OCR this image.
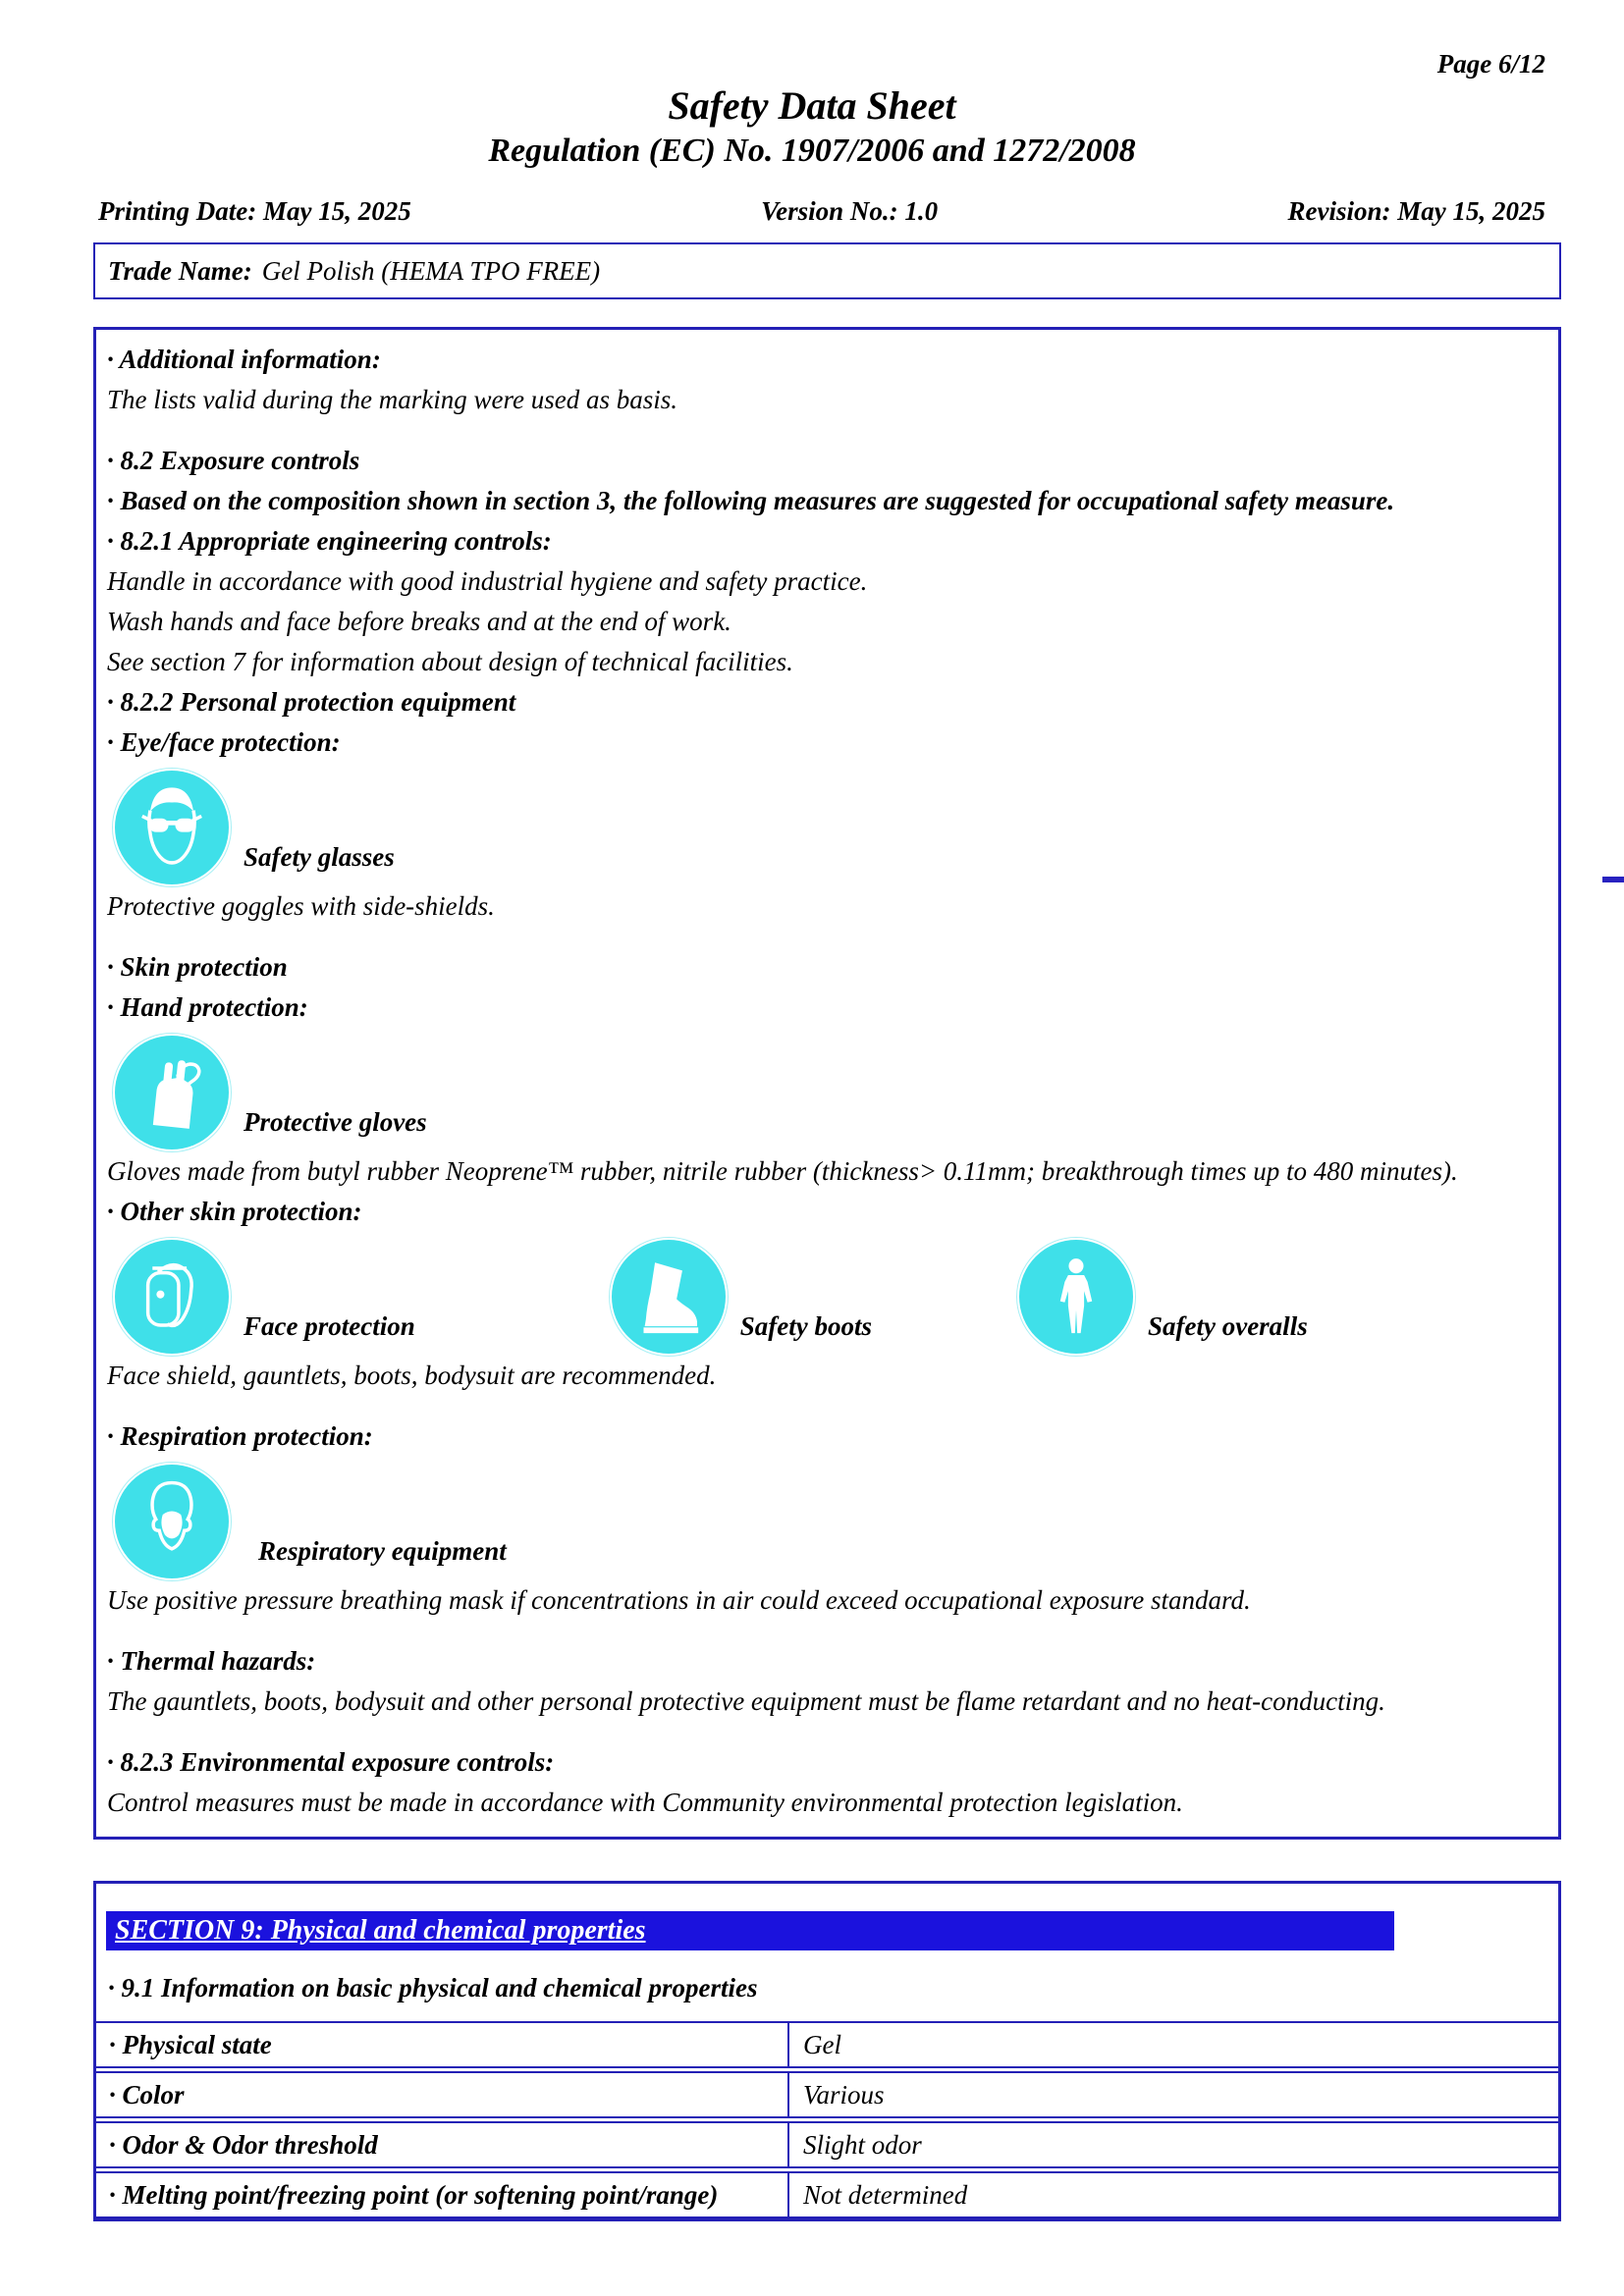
Page 6/12
Safety Data Sheet
Regulation (EC) No. 1907/2006 and 1272/2008
Printing Date: May 15, 2025	Version No.: 1.0	Revision: May 15, 2025
Trade Name: Gel Polish (HEMA TPO FREE)
· Additional information:
The lists valid during the marking were used as basis.
· 8.2 Exposure controls
· Based on the composition shown in section 3, the following measures are suggested for occupational safety measure.
· 8.2.1 Appropriate engineering controls:
Handle in accordance with good industrial hygiene and safety practice.
Wash hands and face before breaks and at the end of work.
See section 7 for information about design of technical facilities.
· 8.2.2 Personal protection equipment
· Eye/face protection:
Safety glasses
Protective goggles with side-shields.
· Skin protection
· Hand protection:
Protective gloves
Gloves made from butyl rubber Neoprene™ rubber, nitrile rubber (thickness> 0.11mm; breakthrough times up to 480 minutes).
· Other skin protection:
Face protection	Safety boots	Safety overalls
Face shield, gauntlets, boots, bodysuit are recommended.
· Respiration protection:
Respiratory equipment
Use positive pressure breathing mask if concentrations in air could exceed occupational exposure standard.
· Thermal hazards:
The gauntlets, boots, bodysuit and other personal protective equipment must be flame retardant and no heat-conducting.
· 8.2.3 Environmental exposure controls:
Control measures must be made in accordance with Community environmental protection legislation.
SECTION 9: Physical and chemical properties
· 9.1 Information on basic physical and chemical properties
· Physical state	Gel
· Color	Various
· Odor & Odor threshold	Slight odor
· Melting point/freezing point (or softening point/range)	Not determined
